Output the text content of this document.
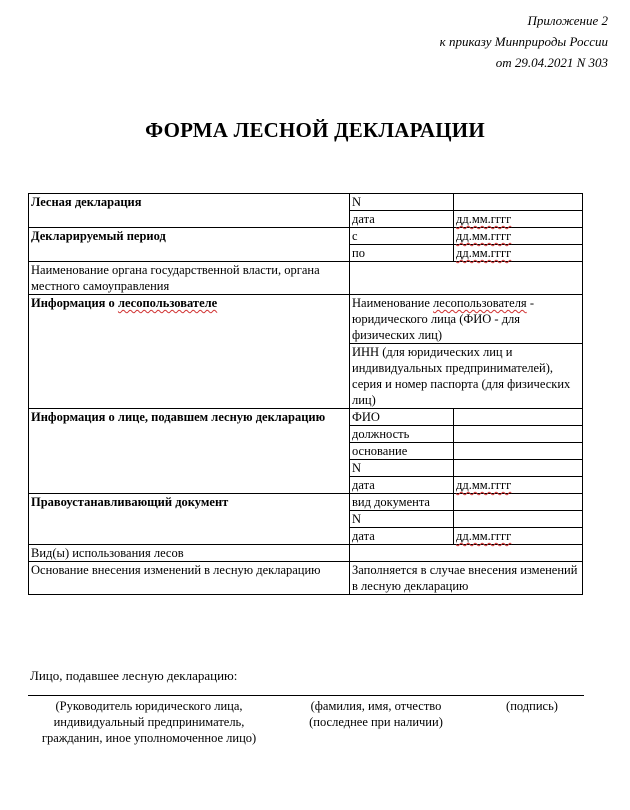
Приложение 2
к приказу Минприроды России
от 29.04.2021 N 303
ФОРМА ЛЕСНОЙ ДЕКЛАРАЦИИ
Лесная декларация	N	
	дата	дд.мм.гггг
Декларируемый период	с	дд.мм.гггг
	по	дд.мм.гггг
Наименование органа государственной власти, органа местного самоуправления		
Информация о лесопользователе	Наименование лесопользователя - юридического лица (ФИО - для физических лиц)	
	ИНН (для юридических лиц и индивидуальных предпринимателей), серия и номер паспорта (для физических лиц)	
Информация о лице, подавшем лесную декларацию	ФИО	
	должность	
	основание	
	N	
	дата	дд.мм.гггг
Правоустанавливающий документ	вид документа	
	N	
	дата	дд.мм.гггг
Вид(ы) использования лесов		
Основание внесения изменений в лесную декларацию	Заполняется в случае внесения изменений в лесную декларацию	
Лицо, подавшее лесную декларацию:
(Руководитель юридического лица, индивидуальный предприниматель, гражданин, иное уполномоченное лицо)
(фамилия, имя, отчество (последнее при наличии)
(подпись)
